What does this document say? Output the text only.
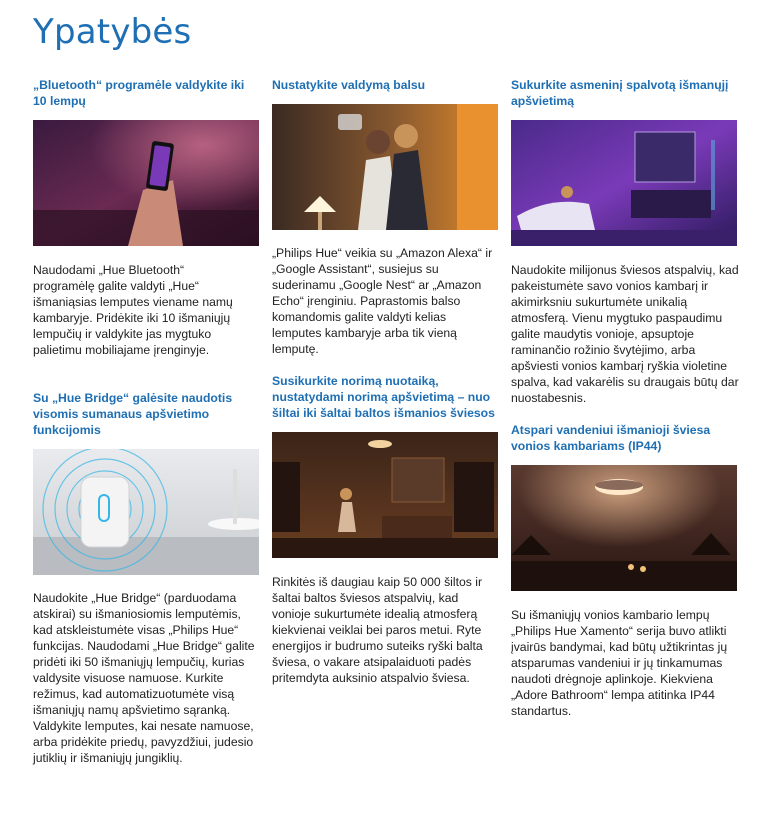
Ypatybės

„Bluetooth“ programėle valdykite iki 10 lempų

Naudodami „Hue Bluetooth“ programėlę galite valdyti „Hue“ išmaniąsias lemputes viename namų kambaryje. Pridėkite iki 10 išmaniųjų lempučių ir valdykite jas mygtuko palietimu mobiliajame įrenginyje.

Su „Hue Bridge“ galėsite naudotis visomis sumanaus apšvietimo funkcijomis

Naudokite „Hue Bridge“ (parduodama atskirai) su išmaniosiomis lemputėmis, kad atskleistumėte visas „Philips Hue“ funkcijas. Naudodami „Hue Bridge“ galite pridėti iki 50 išmaniųjų lempučių, kurias valdysite visuose namuose. Kurkite režimus, kad automatizuotumėte visą išmaniųjų namų apšvietimo sąranką. Valdykite lemputes, kai nesate namuose, arba pridėkite priedų, pavyzdžiui, judesio jutiklių ir išmaniųjų jungiklių.

Nustatykite valdymą balsu

„Philips Hue“ veikia su „Amazon Alexa“ ir „Google Assistant“, susiejus su suderinamu „Google Nest“ ar „Amazon Echo“ įrenginiu. Paprastomis balso komandomis galite valdyti kelias lemputes kambaryje arba tik vieną lemputę.

Susikurkite norimą nuotaiką, nustatydami norimą apšvietimą – nuo šiltai iki šaltai baltos išmanios šviesos

Rinkitės iš daugiau kaip 50 000 šiltos ir šaltai baltos šviesos atspalvių, kad vonioje sukurtumėte idealią atmosferą kiekvienai veiklai bei paros metui. Ryte energijos ir budrumo suteiks ryški balta šviesa, o vakare atsipalaiduoti padės pritemdyta auksinio atspalvio šviesa.

Sukurkite asmeninį spalvotą išmanųjį apšvietimą

Naudokite milijonus šviesos atspalvių, kad pakeistumėte savo vonios kambarį ir akimirksniu sukurtumėte unikalią atmosferą. Vienu mygtuko paspaudimu galite maudytis vonioje, apsuptoje raminančio rožinio švytėjimo, arba apšviesti vonios kambarį ryškia violetine spalva, kad vakarėlis su draugais būtų dar nuostabesnis.

Atspari vandeniui išmanioji šviesa vonios kambariams (IP44)

Su išmaniųjų vonios kambario lempų „Philips Hue Xamento“ serija buvo atlikti įvairūs bandymai, kad būtų užtikrintas jų atsparumas vandeniui ir jų tinkamumas naudoti drėgnoje aplinkoje. Kiekviena „Adore Bathroom“ lempa atitinka IP44 standartus.
